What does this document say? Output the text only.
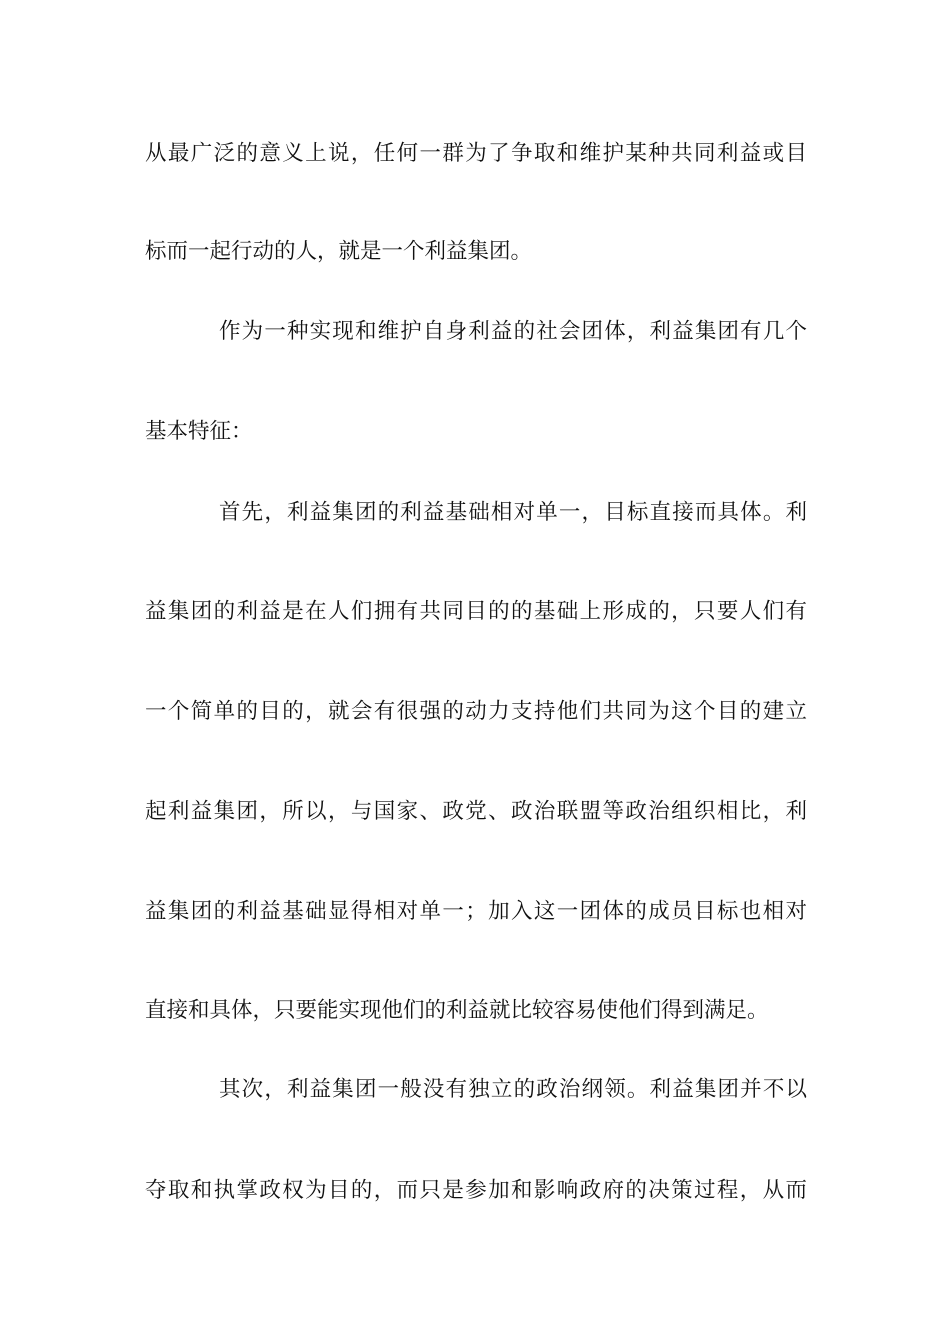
从最广泛的意义上说，任何一群为了争取和维护某种共同利益或目
标而一起行动的人，就是一个利益集团。
作为一种实现和维护自身利益的社会团体，利益集团有几个
基本特征：
首先，利益集团的利益基础相对单一，目标直接而具体。利
益集团的利益是在人们拥有共同目的的基础上形成的，只要人们有
一个简单的目的，就会有很强的动力支持他们共同为这个目的建立
起利益集团，所以，与国家、政党、政治联盟等政治组织相比，利
益集团的利益基础显得相对单一；加入这一团体的成员目标也相对
直接和具体，只要能实现他们的利益就比较容易使他们得到满足。
其次，利益集团一般没有独立的政治纲领。利益集团并不以
夺取和执掌政权为目的，而只是参加和影响政府的决策过程，从而
